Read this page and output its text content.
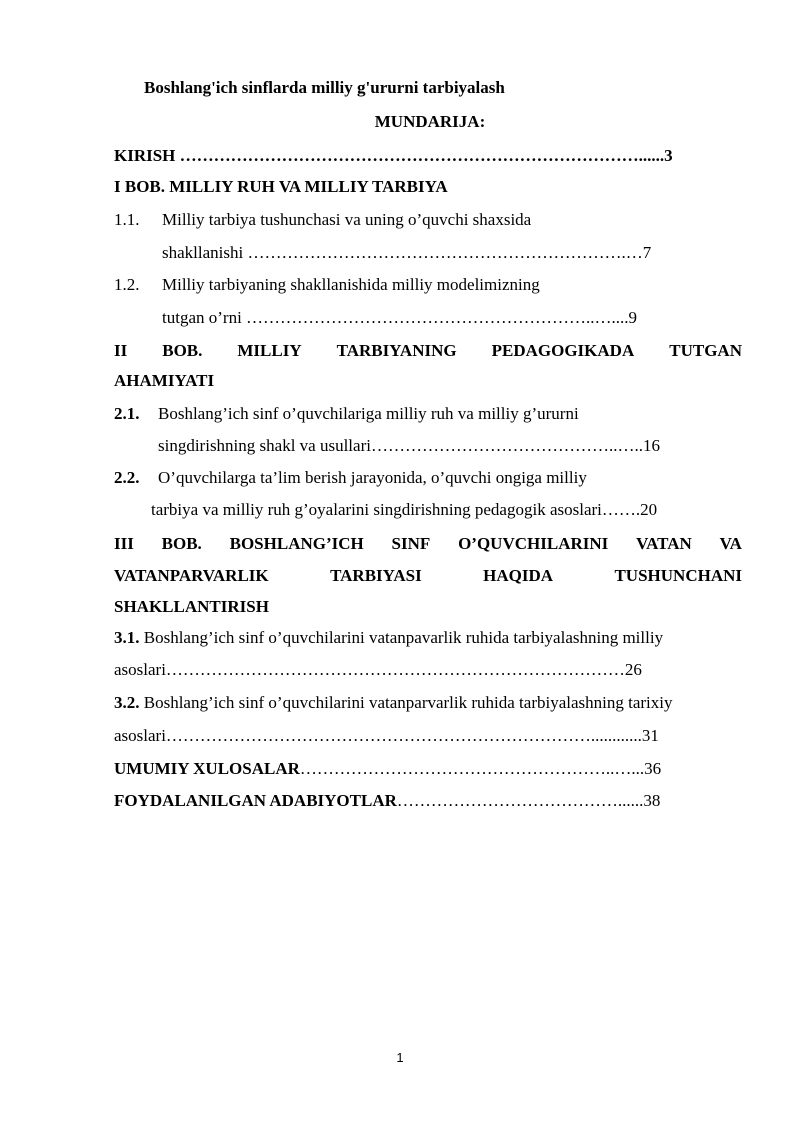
Boshlang'ich sinflarda milliy g'ururni tarbiyalash
MUNDARIJA:
KIRISH ………………………………………………………………………......3
I BOB. MILLIY RUH VA MILLIY TARBIYA
1.1. Milliy tarbiya tushunchasi va uning o’quvchi shaxsida
shakllanishi ………………………………………………………….…7
1.2. Milliy tarbiyaning shakllanishida milliy modelimizning
tutgan o’rni ……………………………………………………..…....9
II BOB. MILLIY TARBIYANING PEDAGOGIKADA TUTGAN
AHAMIYATI
2.1. Boshlang’ich sinf o’quvchilariga milliy ruh va milliy g’ururni
singdirishning shakl va usullari……………………………………..…..16
2.2. O’quvchilarga ta’lim berish jarayonida, o’quvchi ongiga milliy
tarbiya va milliy ruh g’oyalarini singdirishning pedagogik asoslari…….20
III BOB. BOSHLANG’ICH SINF O’QUVCHILARINI VATAN VA
VATANPARVARLIK	TARBIYASI	HAQIDA	TUSHUNCHANI
SHAKLLANTIRISH
3.1. Boshlang’ich sinf o’quvchilarini vatanpavarlik ruhida tarbiyalashning milliy
asoslari………………………………………………………………………26
3.2. Boshlang’ich sinf o’quvchilarini vatanparvarlik ruhida tarbiyalashning tarixiy
asoslari…………………………………………………………………............31
UMUMIY XULOSALAR………………………………………………..…...36
FOYDALANILGAN ADABIYOTLAR…………………………………......38
1
